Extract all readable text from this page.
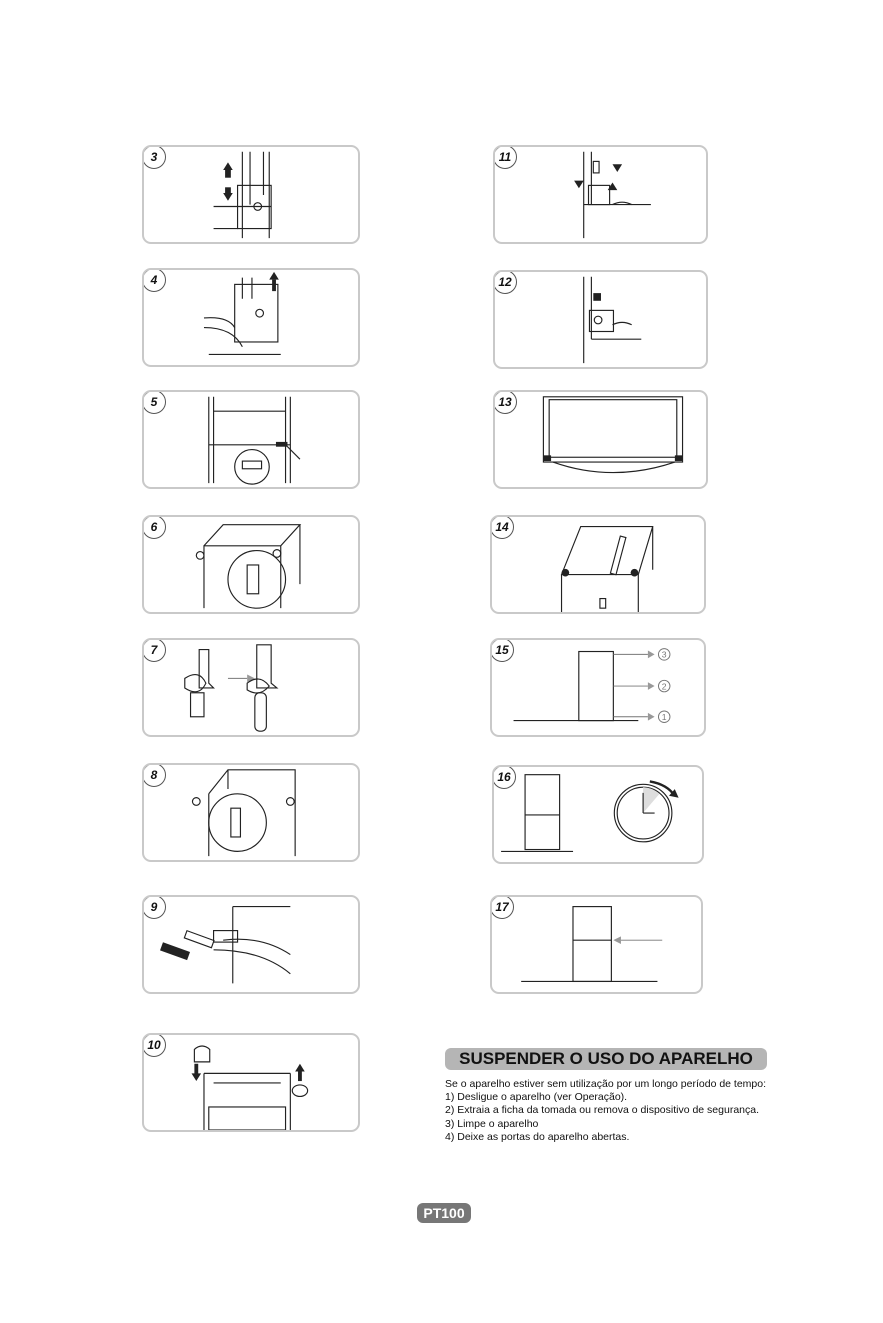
3
4
5
6
7
8
9
10
11
12
13
14
15	3
2
1
16
17
SUSPENDER O USO DO APARELHO

Se o aparelho estiver sem utilização por um longo período de tempo:

1) Desligue o aparelho (ver Operação).

2) Extraia a ficha da tomada ou remova o dispositivo de segurança.

3) Limpe o aparelho

4) Deixe as portas do aparelho abertas.

PT100
